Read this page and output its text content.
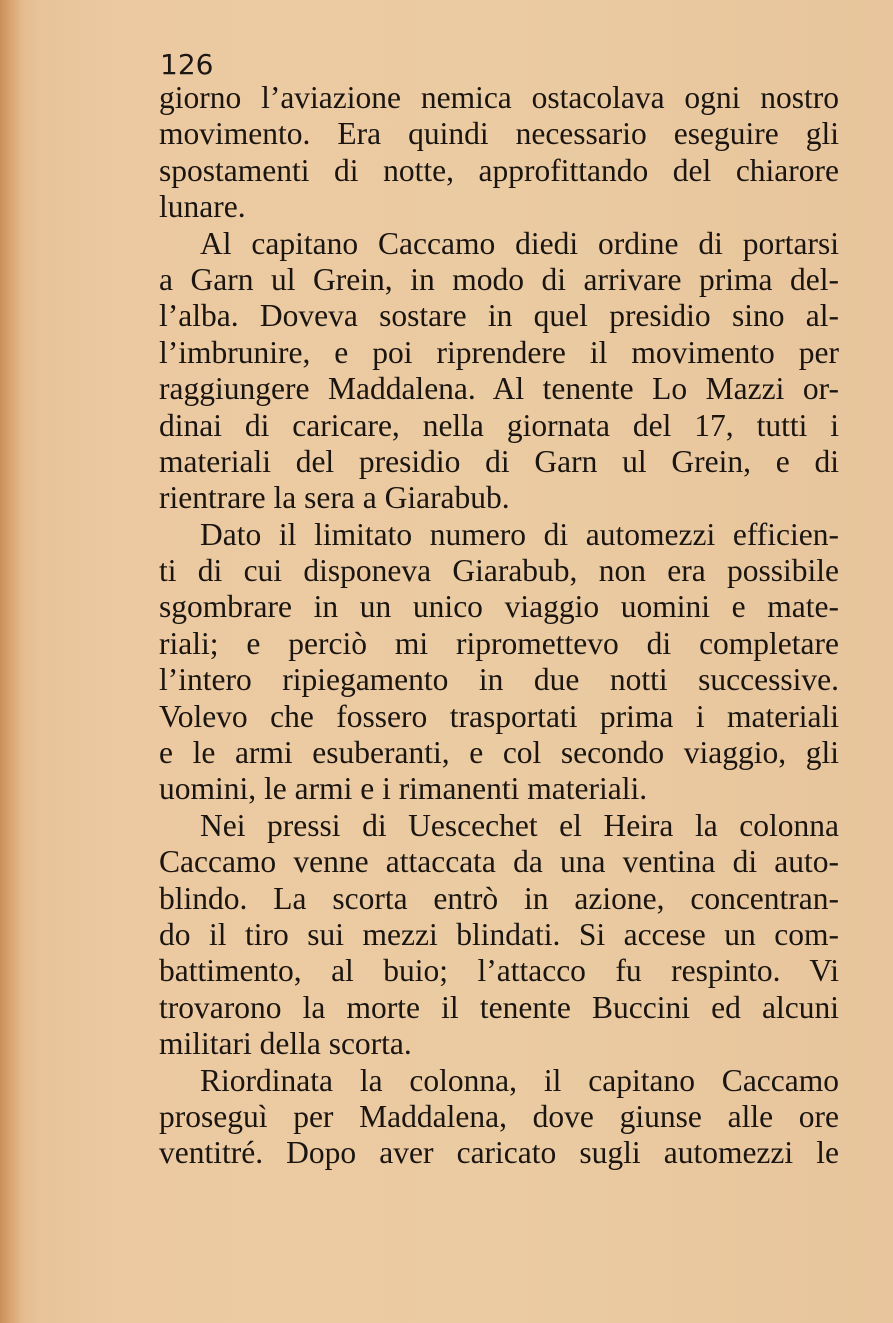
126
giorno l’aviazione nemica ostacolava ogni nostro
movimento. Era quindi necessario eseguire gli
spostamenti di notte, approfittando del chiarore
lunare.
Al capitano Caccamo diedi ordine di portarsi
a Garn ul Grein, in modo di arrivare prima del-
l’alba. Doveva sostare in quel presidio sino al-
l’imbrunire, e poi riprendere il movimento per
raggiungere Maddalena. Al tenente Lo Mazzi or-
dinai di caricare, nella giornata del 17, tutti i
materiali del presidio di Garn ul Grein, e di
rientrare la sera a Giarabub.
Dato il limitato numero di automezzi efficien-
ti di cui disponeva Giarabub, non era possibile
sgombrare in un unico viaggio uomini e mate-
riali; e perciò mi ripromettevo di completare
l’intero ripiegamento in due notti successive.
Volevo che fossero trasportati prima i materiali
e le armi esuberanti, e col secondo viaggio, gli
uomini, le armi e i rimanenti materiali.
Nei pressi di Uescechet el Heira la colonna
Caccamo venne attaccata da una ventina di auto-
blindo. La scorta entrò in azione, concentran-
do il tiro sui mezzi blindati. Si accese un com-
battimento, al buio; l’attacco fu respinto. Vi
trovarono la morte il tenente Buccini ed alcuni
militari della scorta.
Riordinata la colonna, il capitano Caccamo
proseguì per Maddalena, dove giunse alle ore
ventitré. Dopo aver caricato sugli automezzi le
